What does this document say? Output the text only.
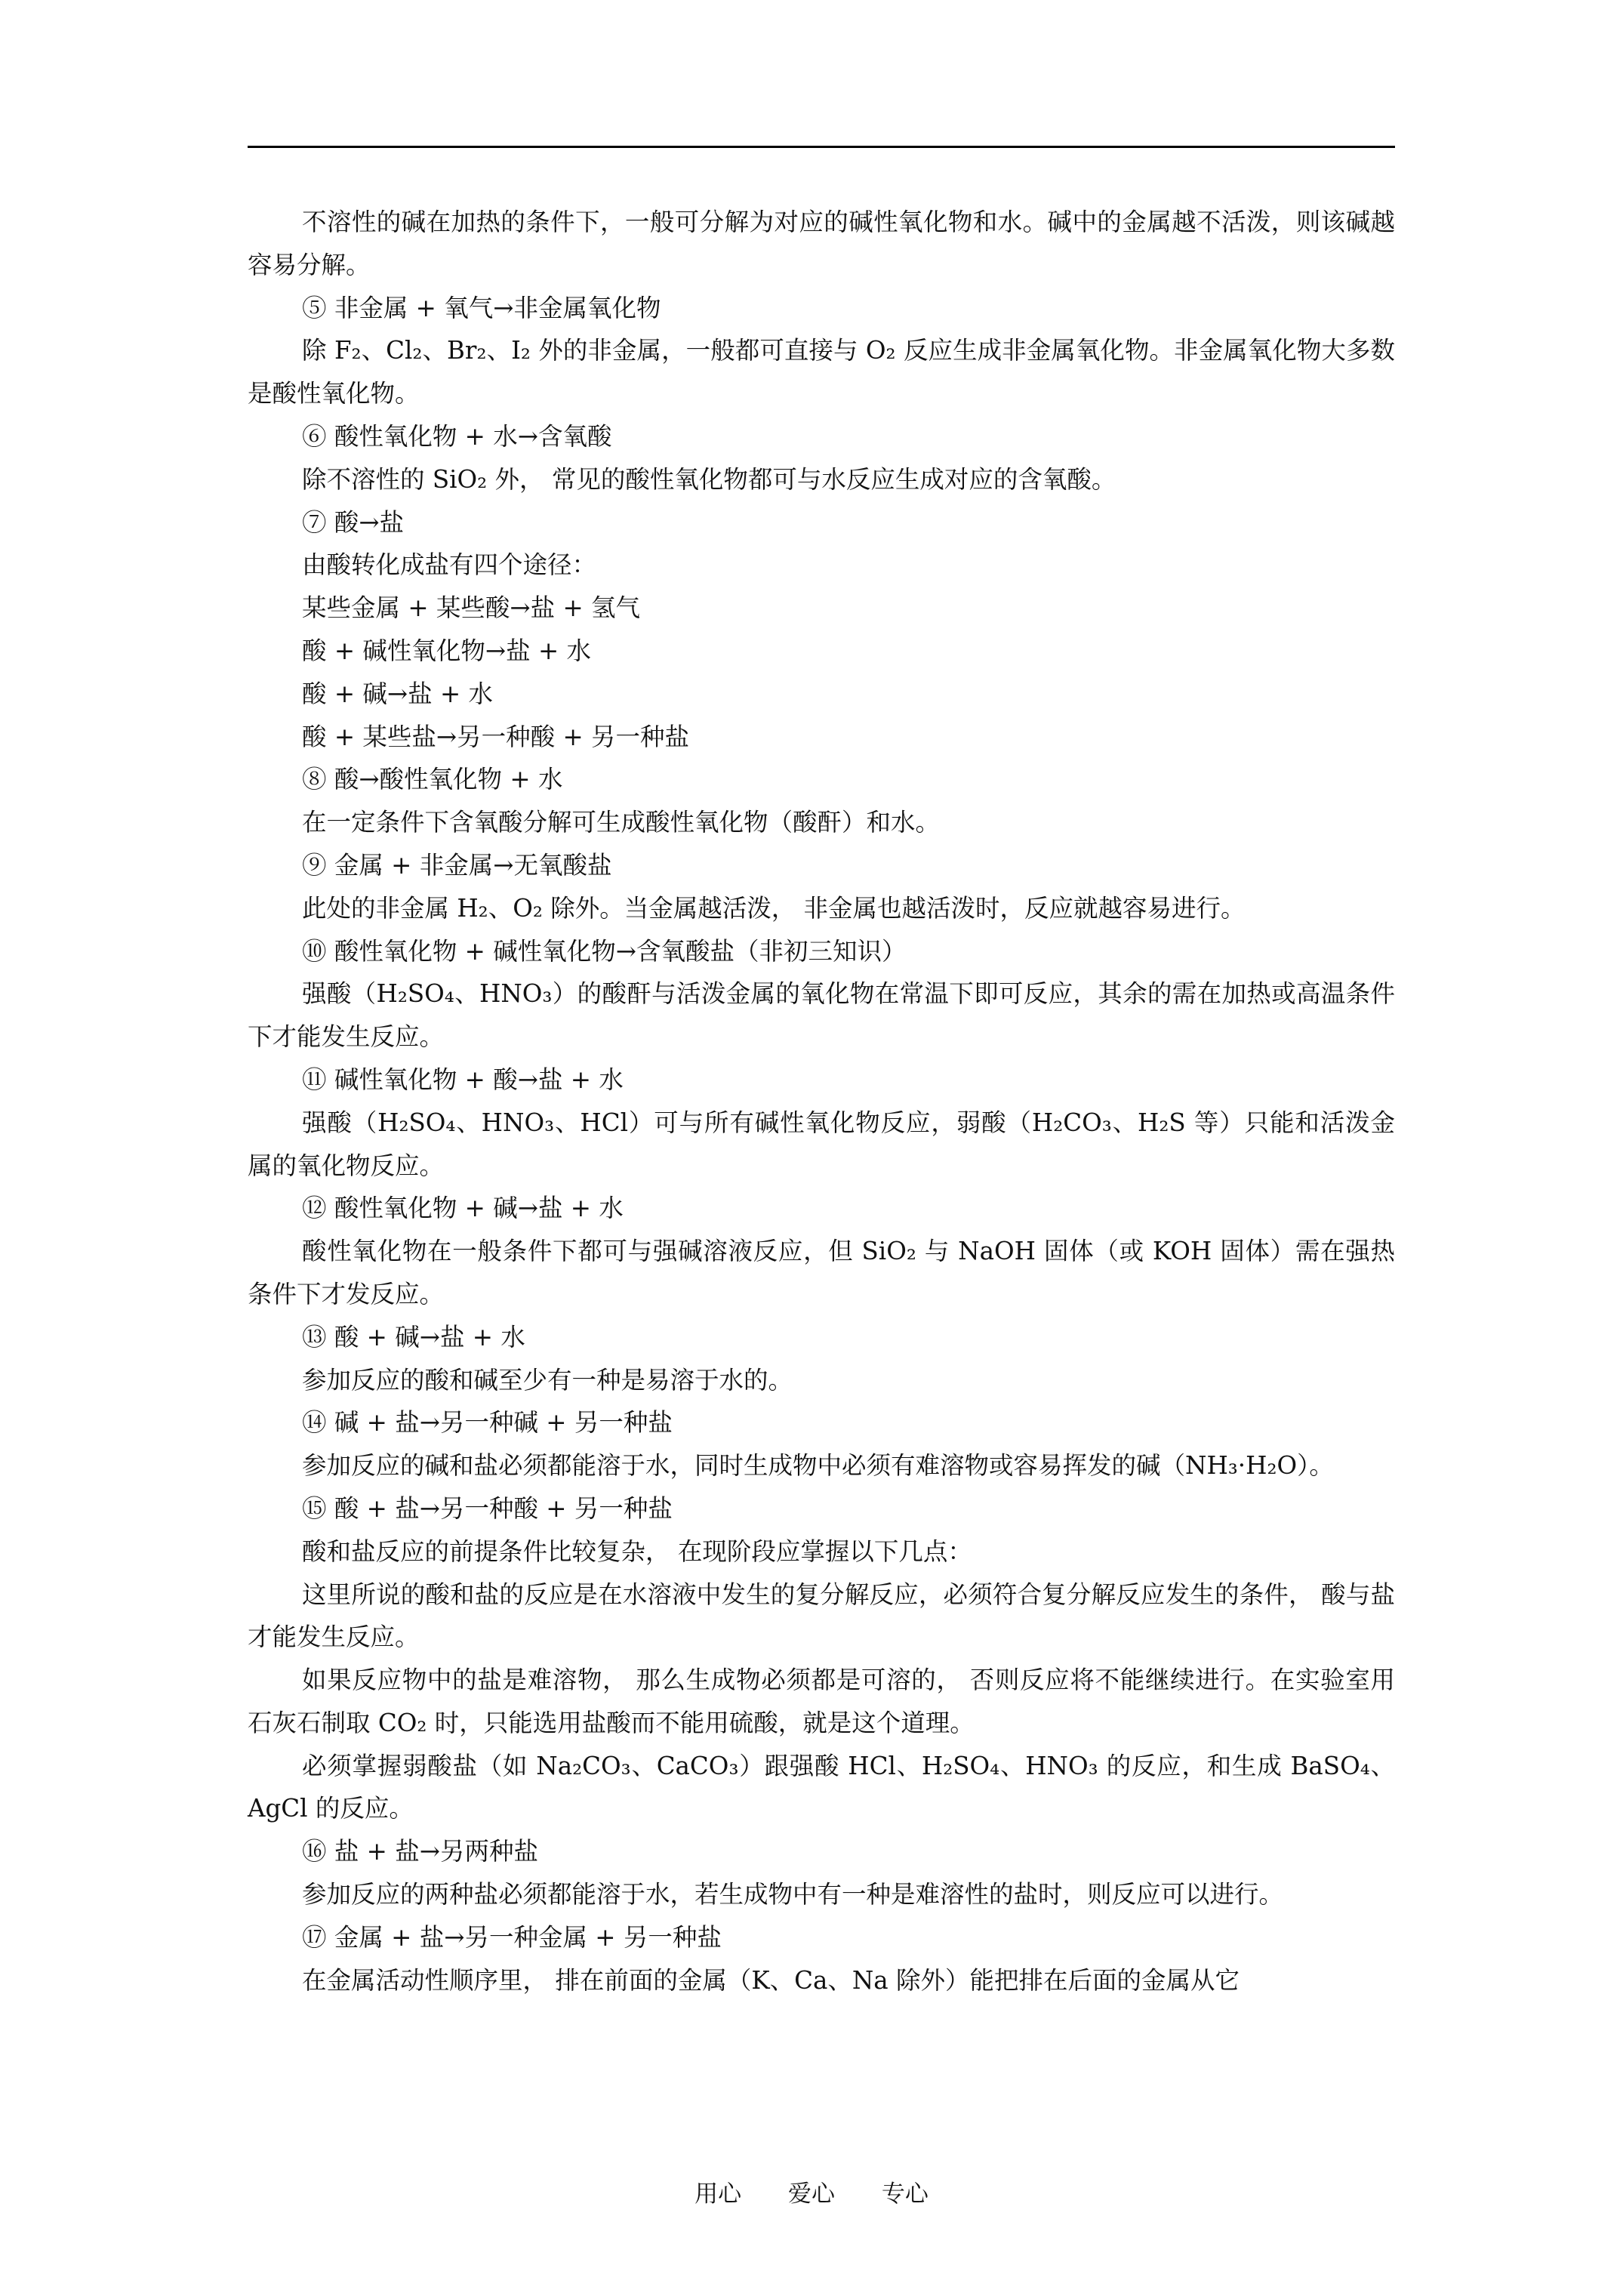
不溶性的碱在加热的条件下，一般可分解为对应的碱性氧化物和水。碱中的金属越不活泼，则该碱越容易分解。

⑤ 非金属 + 氧气→非金属氧化物

除 F₂、Cl₂、Br₂、I₂ 外的非金属，一般都可直接与 O₂ 反应生成非金属氧化物。非金属氧化物大多数是酸性氧化物。

⑥ 酸性氧化物 + 水→含氧酸

除不溶性的 SiO₂ 外， 常见的酸性氧化物都可与水反应生成对应的含氧酸。

⑦ 酸→盐

由酸转化成盐有四个途径：

某些金属 + 某些酸→盐 + 氢气

酸 + 碱性氧化物→盐 + 水

酸 + 碱→盐 + 水

酸 + 某些盐→另一种酸 + 另一种盐

⑧ 酸→酸性氧化物 + 水

在一定条件下含氧酸分解可生成酸性氧化物（酸酐）和水。

⑨ 金属 + 非金属→无氧酸盐

此处的非金属 H₂、O₂ 除外。当金属越活泼， 非金属也越活泼时，反应就越容易进行。

⑩ 酸性氧化物 + 碱性氧化物→含氧酸盐（非初三知识）

强酸（H₂SO₄、HNO₃）的酸酐与活泼金属的氧化物在常温下即可反应，其余的需在加热或高温条件下才能发生反应。

⑪ 碱性氧化物 + 酸→盐 + 水

强酸（H₂SO₄、HNO₃、HCl）可与所有碱性氧化物反应，弱酸（H₂CO₃、H₂S 等）只能和活泼金属的氧化物反应。

⑫ 酸性氧化物 + 碱→盐 + 水

酸性氧化物在一般条件下都可与强碱溶液反应，但 SiO₂ 与 NaOH 固体（或 KOH 固体）需在强热条件下才发反应。

⑬ 酸 + 碱→盐 + 水

参加反应的酸和碱至少有一种是易溶于水的。

⑭ 碱 + 盐→另一种碱 + 另一种盐

参加反应的碱和盐必须都能溶于水，同时生成物中必须有难溶物或容易挥发的碱（NH₃·H₂O）。

⑮ 酸 + 盐→另一种酸 + 另一种盐

酸和盐反应的前提条件比较复杂， 在现阶段应掌握以下几点：

这里所说的酸和盐的反应是在水溶液中发生的复分解反应，必须符合复分解反应发生的条件， 酸与盐才能发生反应。

如果反应物中的盐是难溶物， 那么生成物必须都是可溶的， 否则反应将不能继续进行。在实验室用石灰石制取 CO₂ 时，只能选用盐酸而不能用硫酸，就是这个道理。

必须掌握弱酸盐（如 Na₂CO₃、CaCO₃）跟强酸 HCl、H₂SO₄、HNO₃ 的反应，和生成 BaSO₄、AgCl 的反应。

⑯ 盐 + 盐→另两种盐

参加反应的两种盐必须都能溶于水，若生成物中有一种是难溶性的盐时，则反应可以进行。

⑰ 金属 + 盐→另一种金属 + 另一种盐

在金属活动性顺序里， 排在前面的金属（K、Ca、Na 除外）能把排在后面的金属从它

用心 爱心 专心
